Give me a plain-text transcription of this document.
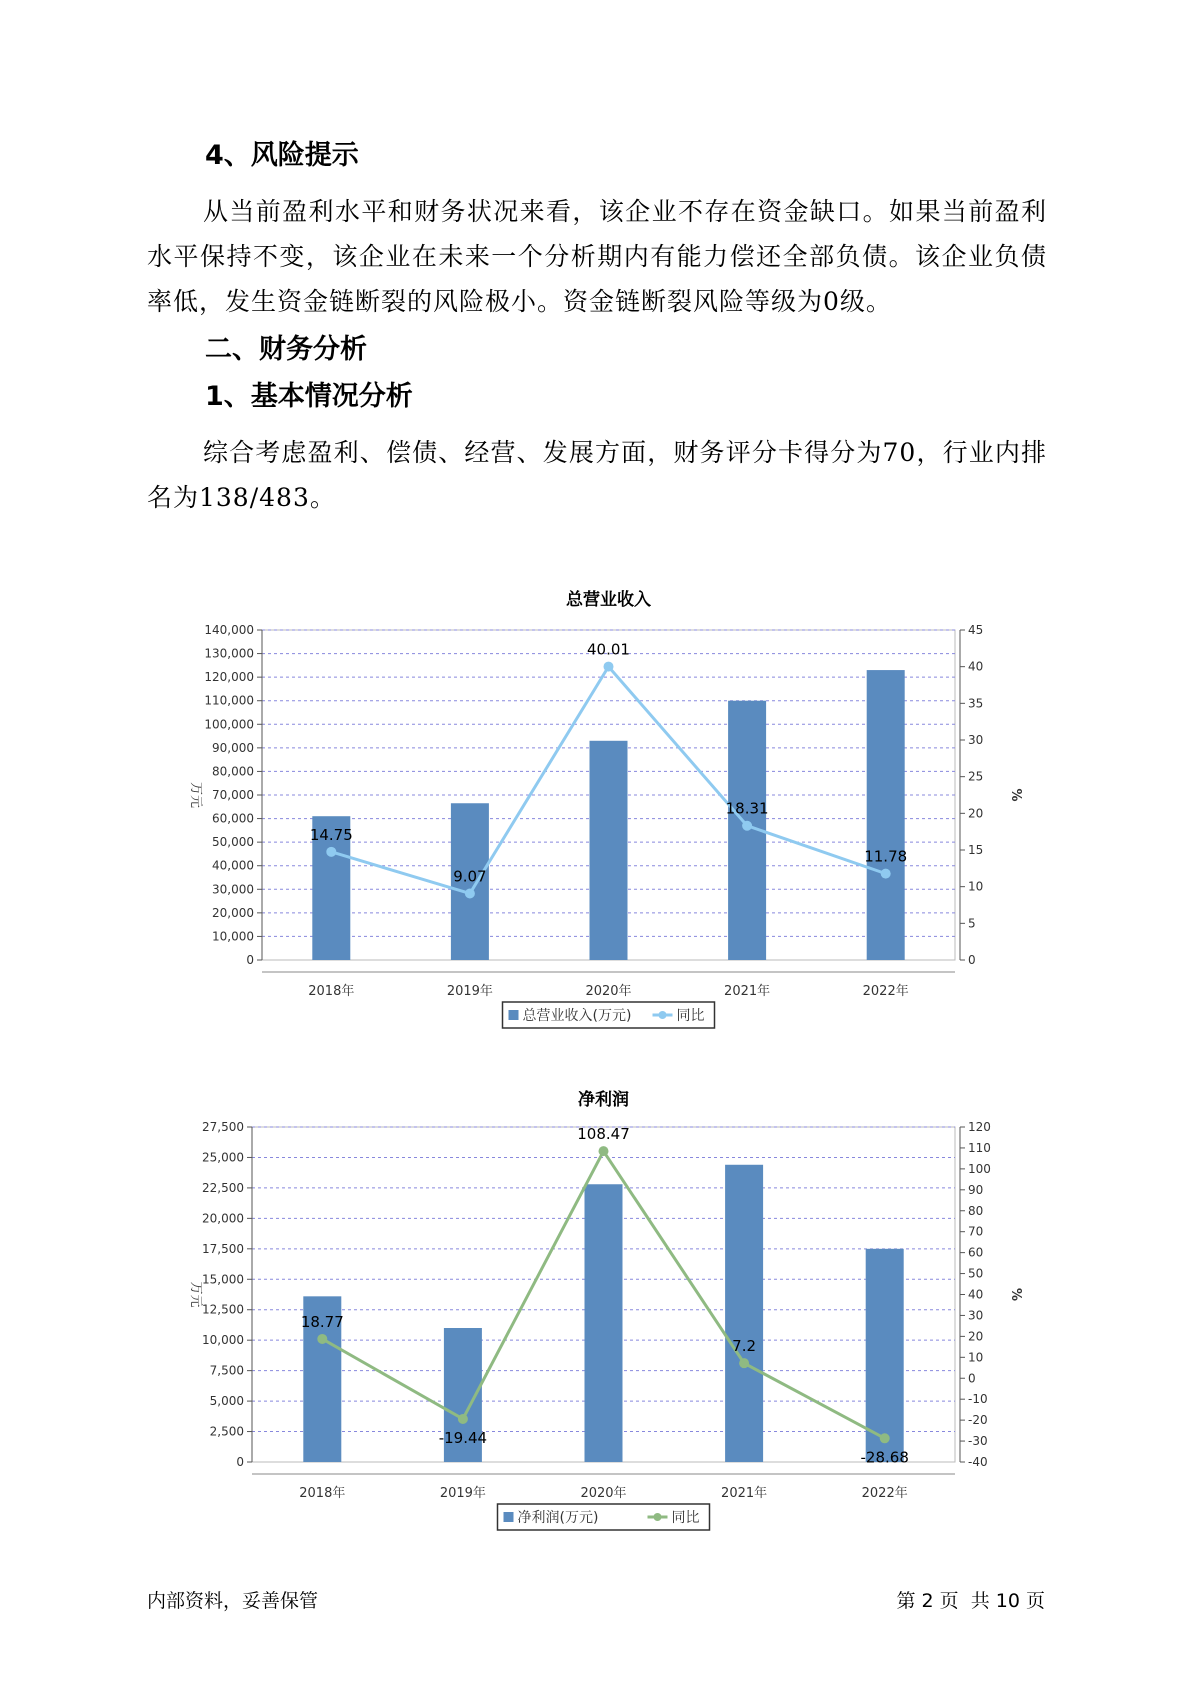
4、风险提示

从当前盈利水平和财务状况来看，该企业不存在资金缺口。如果当前盈利水平保持不变，该企业在未来一个分析期内有能力偿还全部负债。该企业负债率低，发生资金链断裂的风险极小。资金链断裂风险等级为0级。

二、财务分析
1、基本情况分析

综合考虑盈利、偿债、经营、发展方面，财务评分卡得分为70，行业内排名为138/483。

总营业收入
0
10,000
20,000
30,000
40,000
50,000
60,000
70,000
80,000
90,000
100,000
110,000
120,000
130,000
140,000
0
5
10
15
20
25
30
35
40
45
万元	%
2018年	2019年	2020年	2021年	2022年
14.75
9.07
40.01
18.31
11.78
总营业收入(万元)	同比
净利润
0
2,500
5,000
7,500
10,000
12,500
15,000
17,500
20,000
22,500
25,000
27,500
-40
-30
-20
-10
0
10
20
30
40
50
60
70
80
90
100
110
120
万元	%
2018年	2019年	2020年	2021年	2022年
18.77
-19.44
108.47
7.2
-28.68
净利润(万元)	同比
内部资料，妥善保管	第 2 页  共 10 页
